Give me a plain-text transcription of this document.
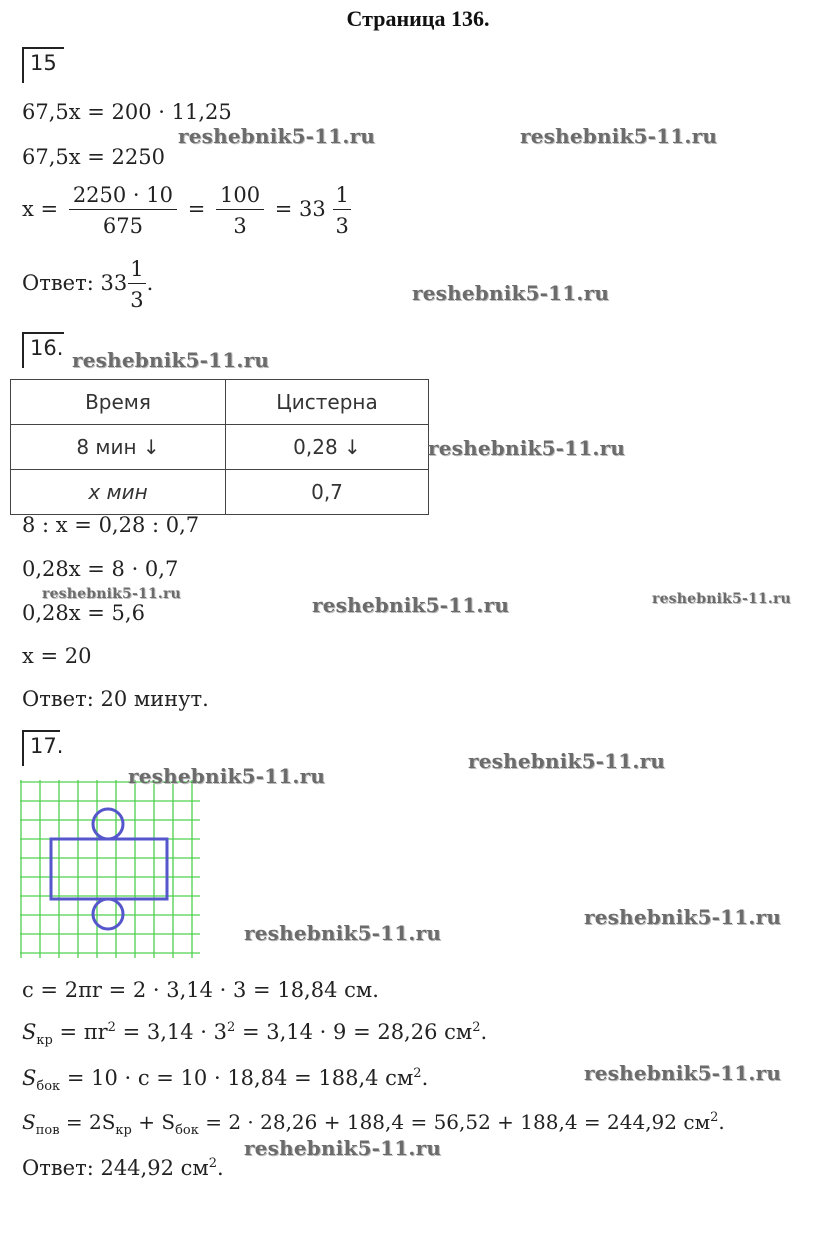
Страница 136.
15
67,5x = 200 · 11,25
67,5x = 2250
$x = \frac{2250 \cdot 10}{675} = \frac{100}{3} = 33 \frac{1}{3}$
Ответ: $33 \frac{1}{3}$ .
16.
Время	Цистерна
8 мин ↓	0,28 ↓
x мин	0,7
8 : x = 0,28 : 0,7
0,28x = 8 · 0,7
0,28x = 5,6
x = 20
Ответ: 20 минут.
17.
c = 2πr = 2 · 3,14 · 3 = 18,84 см.
$S_{кр} = \pi r^2 = 3,14 \cdot 3^2 = 3,14 \cdot 9 = 28,26$ $см^2$.
$S_{бок} = 10 \cdot c = 10 \cdot 18,84 = 188,4$ $см^2$.
$S_{пов} = 2S_{кр} + S_{бок} = 2 \cdot 28,26 + 188,4 = 56,52 + 188,4 = 244,92$ $см^2$.
Ответ: 244,92 $см^2$.
reshebnik5-11.ru	reshebnik5-11.ru
reshebnik5-11.ru
reshebnik5-11.ru
reshebnik5-11.ru
reshebnik5-11.ru	reshebnik5-11.ru	reshebnik5-11.ru
reshebnik5-11.ru
reshebnik5-11.ru
reshebnik5-11.ru
reshebnik5-11.ru
reshebnik5-11.ru
reshebnik5-11.ru
